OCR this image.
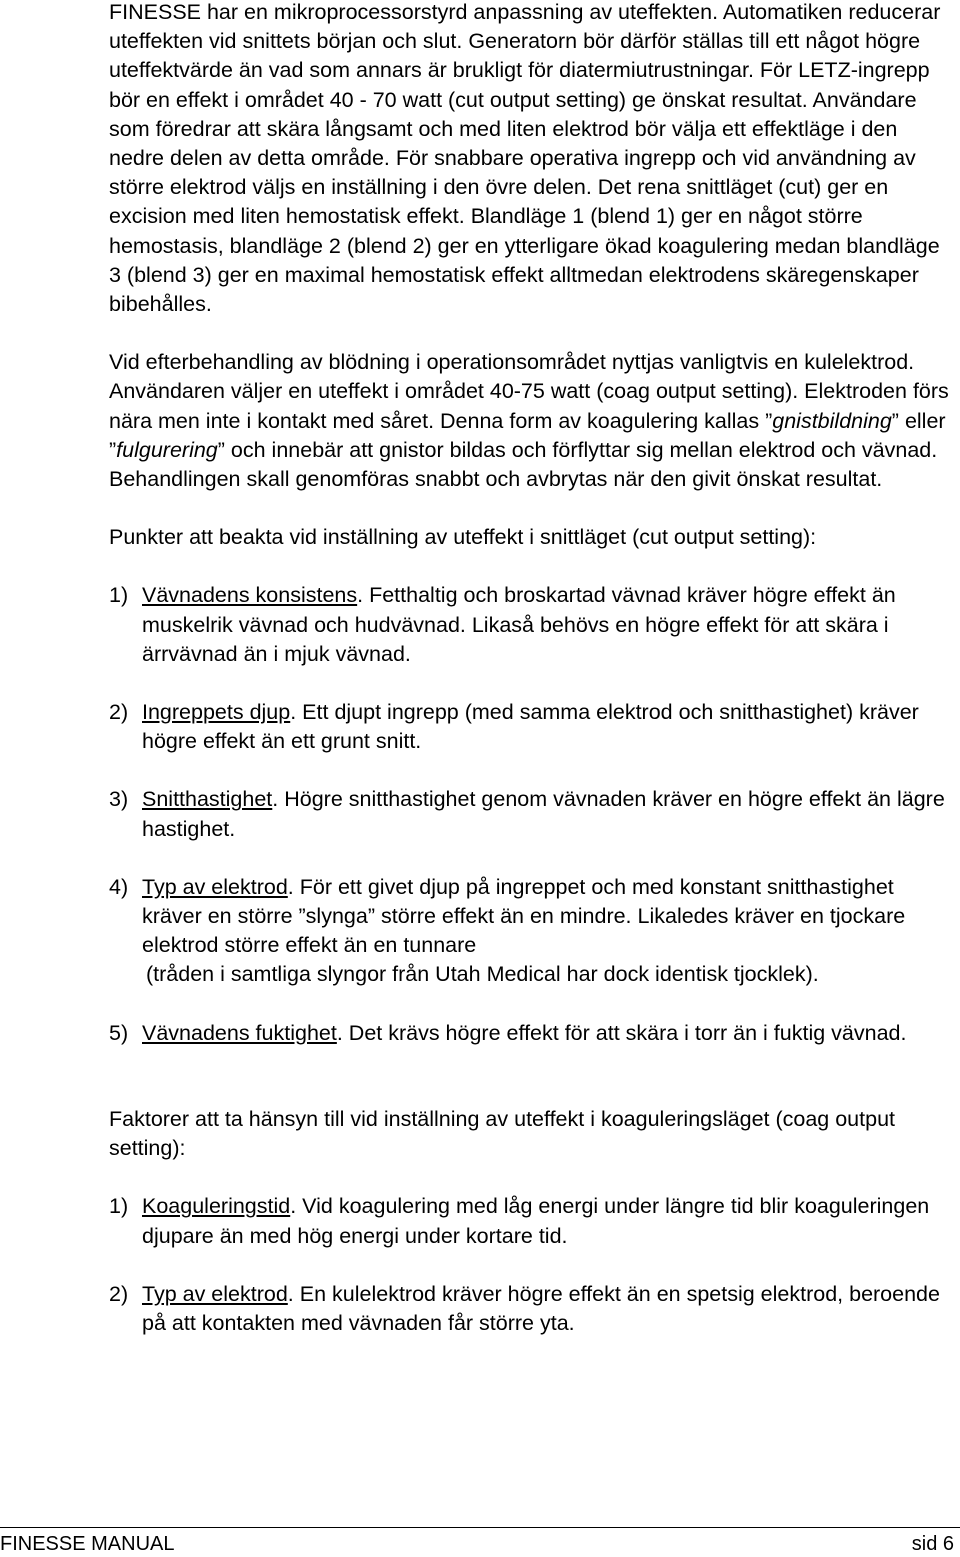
FINESSE har en mikroprocessorstyrd anpassning av uteffekten. Automatiken reducerar uteffekten vid snittets början och slut. Generatorn bör därför ställas till ett något högre uteffektvärde än vad som annars är brukligt för diatermiutrustningar. För LETZ-ingrepp bör en effekt i området 40 - 70 watt (cut output setting) ge önskat resultat. Användare som föredrar att skära långsamt och med liten elektrod bör välja ett effektläge i den nedre delen av detta område. För snabbare operativa ingrepp och vid användning av större elektrod väljs en inställning i den övre delen. Det rena snittläget (cut) ger en excision med liten hemostatisk effekt. Blandläge 1 (blend 1) ger en något större hemostasis, blandläge 2 (blend 2) ger en ytterligare ökad koagulering medan blandläge 3 (blend 3) ger en maximal hemostatisk effekt alltmedan elektrodens skäregenskaper bibehålles.

Vid efterbehandling av blödning i operationsområdet nyttjas vanligtvis en kulelektrod. Användaren väljer en uteffekt i området 40-75 watt (coag output setting). Elektroden förs nära men inte i kontakt med såret. Denna form av koagulering kallas ”gnistbildning” eller ”fulgurering” och innebär att gnistor bildas och förflyttar sig mellan elektrod och vävnad. Behandlingen skall genomföras snabbt och avbrytas när den givit önskat resultat.

Punkter att beakta vid inställning av uteffekt i snittläget (cut output setting):

1) Vävnadens konsistens. Fetthaltig och broskartad vävnad kräver högre effekt än muskelrik vävnad och hudvävnad. Likaså behövs en högre effekt för att skära i ärrvävnad än i mjuk vävnad.
2) Ingreppets djup. Ett djupt ingrepp (med samma elektrod och snitthastighet) kräver högre effekt än ett grunt snitt.
3) Snitthastighet. Högre snitthastighet genom vävnaden kräver en högre effekt än lägre hastighet.
4) Typ av elektrod. För ett givet djup på ingreppet och med konstant snitthastighet kräver en större ”slynga” större effekt än en mindre. Likaledes kräver en tjockare elektrod större effekt än en tunnare
(tråden i samtliga slyngor från Utah Medical har dock identisk tjocklek).
5) Vävnadens fuktighet. Det krävs högre effekt för att skära i torr än i fuktig vävnad.

Faktorer att ta hänsyn till vid inställning av uteffekt i koaguleringsläget (coag output setting):

1) Koaguleringstid. Vid koagulering med låg energi under längre tid blir koaguleringen djupare än med hög energi under kortare tid.
2) Typ av elektrod. En kulelektrod kräver högre effekt än en spetsig elektrod, beroende på att kontakten med vävnaden får större yta.
FINESSE MANUAL	sid 6
